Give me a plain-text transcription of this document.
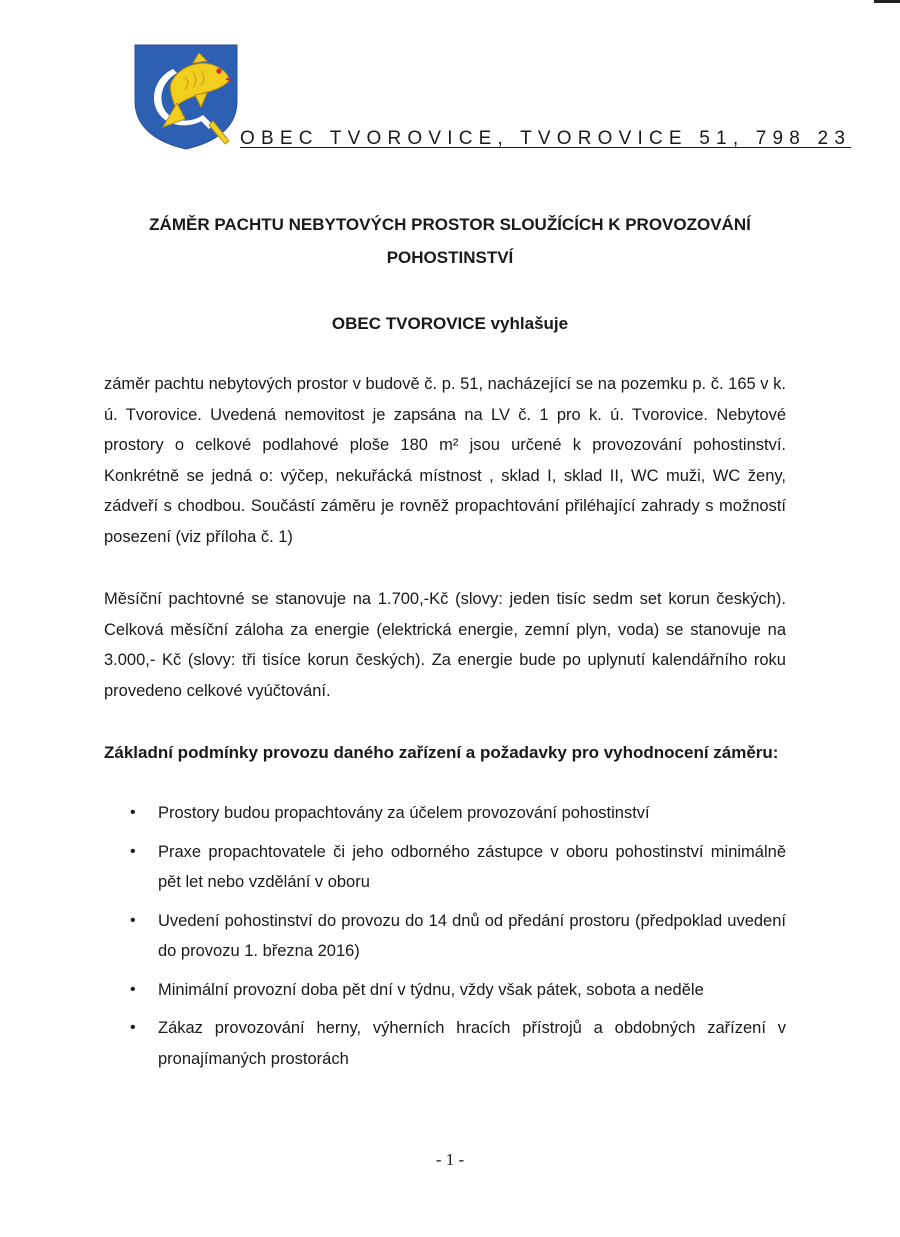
OBEC TVOROVICE, TVOROVICE 51, 798 23
ZÁMĚR PACHTU NEBYTOVÝCH PROSTOR SLOUŽÍCÍCH K PROVOZOVÁNÍ POHOSTINSTVÍ
OBEC TVOROVICE vyhlašuje
záměr pachtu nebytových prostor v budově č. p. 51, nacházející se na pozemku p. č. 165 v k. ú. Tvorovice. Uvedená nemovitost je zapsána na LV č. 1 pro k. ú. Tvorovice. Nebytové prostory o celkové podlahové ploše 180 m² jsou určené k provozování pohostinství. Konkrétně se jedná o: výčep, nekuřácká místnost , sklad I, sklad II, WC muži, WC ženy, zádveří s chodbou. Součástí záměru je rovněž propachtování přiléhající zahrady s možností posezení (viz příloha č. 1)
Měsíční pachtovné se stanovuje na 1.700,-Kč (slovy: jeden tisíc sedm set korun českých). Celková měsíční záloha za energie (elektrická energie, zemní plyn, voda) se stanovuje na 3.000,- Kč (slovy: tři tisíce korun českých). Za energie bude po uplynutí kalendářního roku provedeno celkové vyúčtování.
Základní podmínky provozu daného zařízení a požadavky pro vyhodnocení záměru:
• Prostory budou propachtovány za účelem provozování pohostinství
• Praxe propachtovatele či jeho odborného zástupce v oboru pohostinství minimálně pět let nebo vzdělání v oboru
• Uvedení pohostinství do provozu do 14 dnů od předání prostoru (předpoklad uvedení do provozu 1. března 2016)
• Minimální provozní doba pět dní v týdnu, vždy však pátek, sobota a neděle
• Zákaz provozování herny, výherních hracích přístrojů a obdobných zařízení v pronajímaných prostorách
- 1 -
